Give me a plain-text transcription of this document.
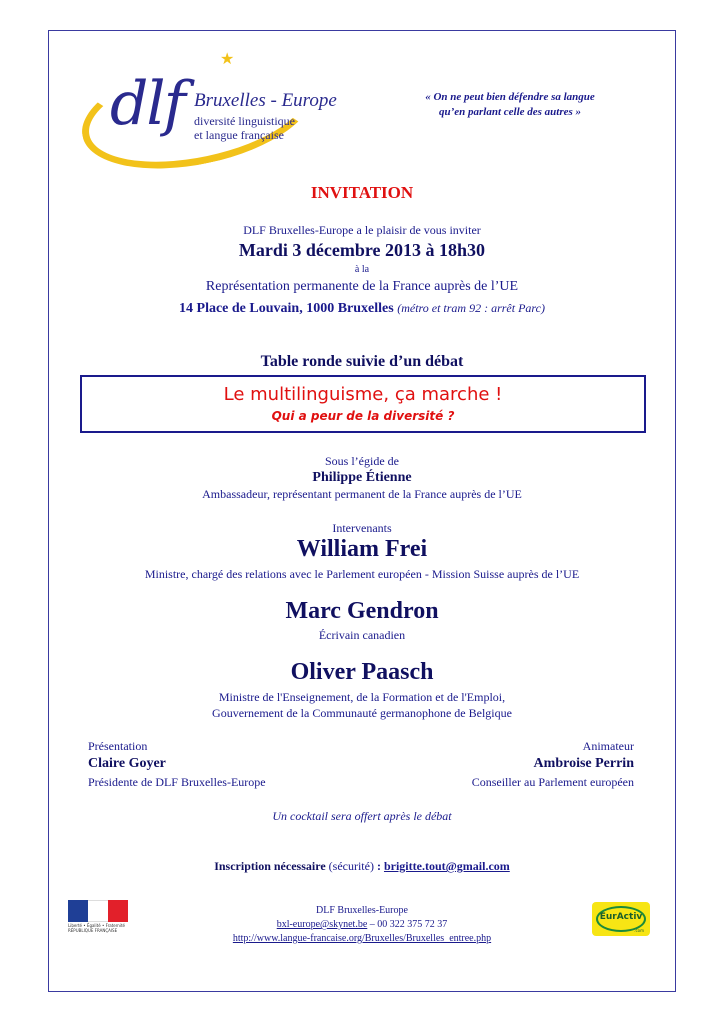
★
dlf Bruxelles - Europe
diversité linguistique
et langue française
« On ne peut bien défendre sa langue
qu’en parlant celle des autres »
INVITATION
DLF Bruxelles-Europe a le plaisir de vous inviter
Mardi 3 décembre 2013 à 18h30
à la
Représentation permanente de la France auprès de l’UE
14 Place de Louvain, 1000 Bruxelles (métro et tram 92 : arrêt Parc)
Table ronde suivie d’un débat
Le multilinguisme, ça marche !
Qui a peur de la diversité ?
Sous l’égide de
Philippe Étienne
Ambassadeur, représentant permanent de la France auprès de l’UE
Intervenants
William Frei
Ministre, chargé des relations avec le Parlement européen - Mission Suisse auprès de l’UE
Marc Gendron
Écrivain canadien
Oliver Paasch
Ministre de l'Enseignement, de la Formation et de l'Emploi,
Gouvernement de la Communauté germanophone de Belgique
Présentation
Claire Goyer
Présidente de DLF Bruxelles-Europe
Animateur
Ambroise Perrin
Conseiller au Parlement européen
Un cocktail sera offert après le débat
Inscription nécessaire (sécurité) : brigitte.tout@gmail.com
DLF Bruxelles-Europe
bxl-europe@skynet.be – 00 322 375 72 37
http://www.langue-francaise.org/Bruxelles/Bruxelles_entree.php
Liberté • Égalité • Fraternité
RÉPUBLIQUE FRANÇAISE
EurActiv
.com
